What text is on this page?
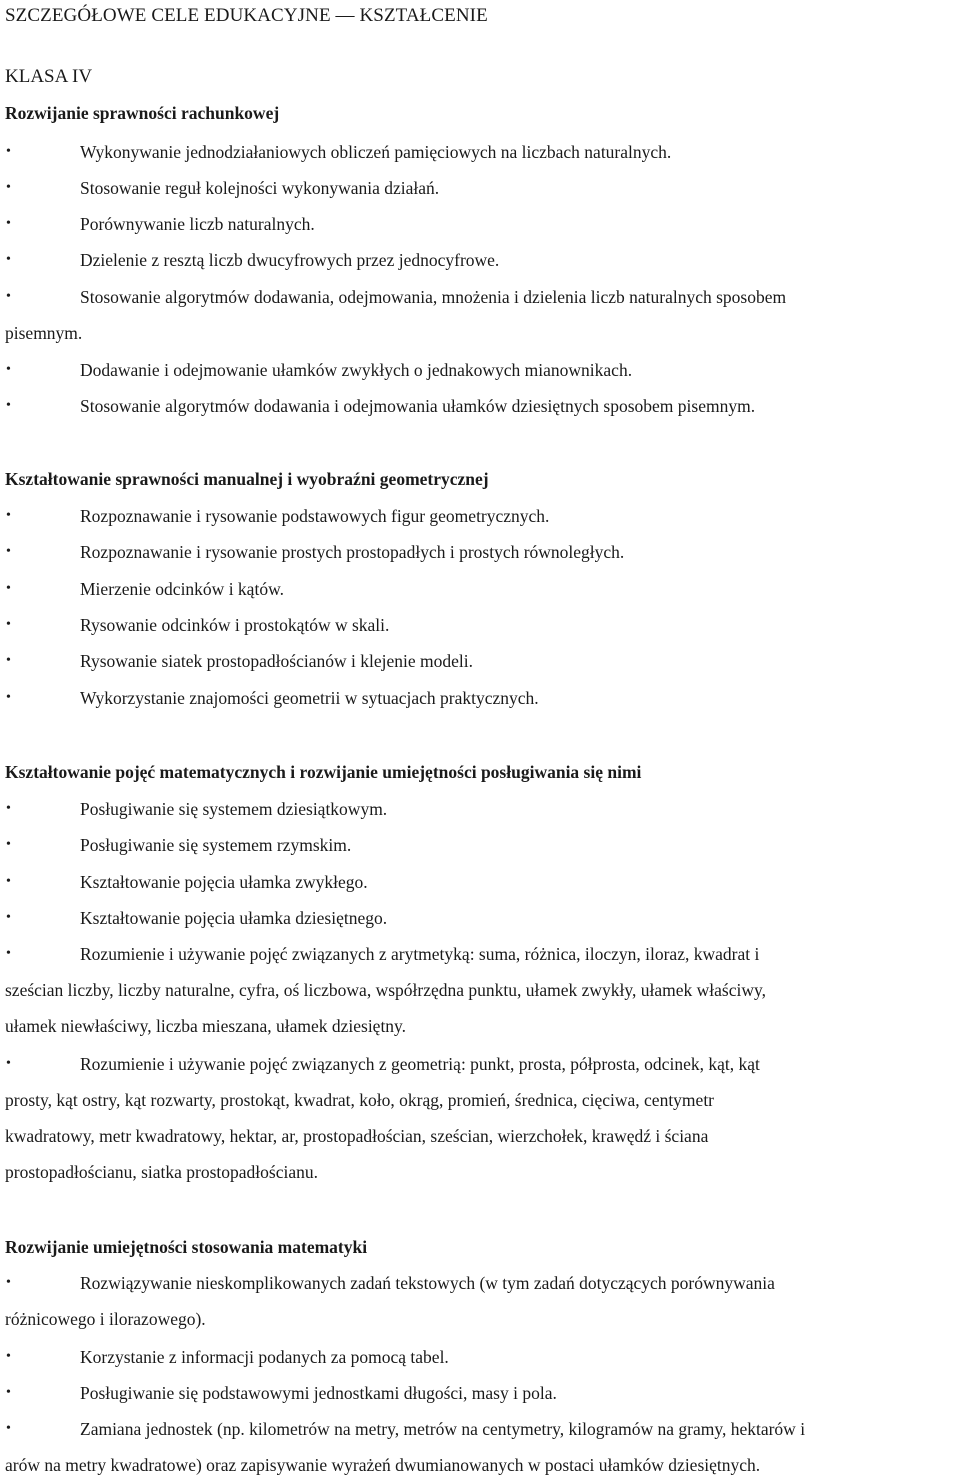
SZCZEGÓŁOWE CELE EDUKACYJNE — KSZTAŁCENIE
KLASA IV
Rozwijanie sprawności rachunkowej
•	Wykonywanie jednodziałaniowych obliczeń pamięciowych na liczbach naturalnych.
•	Stosowanie reguł kolejności wykonywania działań.
•	Porównywanie liczb naturalnych.
•	Dzielenie z resztą liczb dwucyfrowych przez jednocyfrowe.
•	Stosowanie algorytmów dodawania, odejmowania, mnożenia i dzielenia liczb naturalnych sposobem
pisemnym.
•	Dodawanie i odejmowanie ułamków zwykłych o jednakowych mianownikach.
•	Stosowanie algorytmów dodawania i odejmowania ułamków dziesiętnych sposobem pisemnym.
Kształtowanie sprawności manualnej i wyobraźni geometrycznej
•	Rozpoznawanie i rysowanie podstawowych figur geometrycznych.
•	Rozpoznawanie i rysowanie prostych prostopadłych i prostych równoległych.
•	Mierzenie odcinków i kątów.
•	Rysowanie odcinków i prostokątów w skali.
•	Rysowanie siatek prostopadłościanów i klejenie modeli.
•	Wykorzystanie znajomości geometrii w sytuacjach praktycznych.
Kształtowanie pojęć matematycznych i rozwijanie umiejętności posługiwania się nimi
•	Posługiwanie się systemem dziesiątkowym.
•	Posługiwanie się systemem rzymskim.
•	Kształtowanie pojęcia ułamka zwykłego.
•	Kształtowanie pojęcia ułamka dziesiętnego.
•	Rozumienie i używanie pojęć związanych z arytmetyką: suma, różnica, iloczyn, iloraz, kwadrat i
sześcian liczby, liczby naturalne, cyfra, oś liczbowa, współrzędna punktu, ułamek zwykły, ułamek właściwy,
ułamek niewłaściwy, liczba mieszana, ułamek dziesiętny.
•	Rozumienie i używanie pojęć związanych z geometrią: punkt, prosta, półprosta, odcinek, kąt, kąt
prosty, kąt ostry, kąt rozwarty, prostokąt, kwadrat, koło, okrąg, promień, średnica, cięciwa, centymetr
kwadratowy, metr kwadratowy, hektar, ar, prostopadłościan, sześcian, wierzchołek, krawędź i ściana
prostopadłościanu, siatka prostopadłościanu.
Rozwijanie umiejętności stosowania matematyki
•	Rozwiązywanie nieskomplikowanych zadań tekstowych (w tym zadań dotyczących porównywania
różnicowego i ilorazowego).
•	Korzystanie z informacji podanych za pomocą tabel.
•	Posługiwanie się podstawowymi jednostkami długości, masy i pola.
•	Zamiana jednostek (np. kilometrów na metry, metrów na centymetry, kilogramów na gramy, hektarów i
arów na metry kwadratowe) oraz zapisywanie wyrażeń dwumianowanych w postaci ułamków dziesiętnych.
